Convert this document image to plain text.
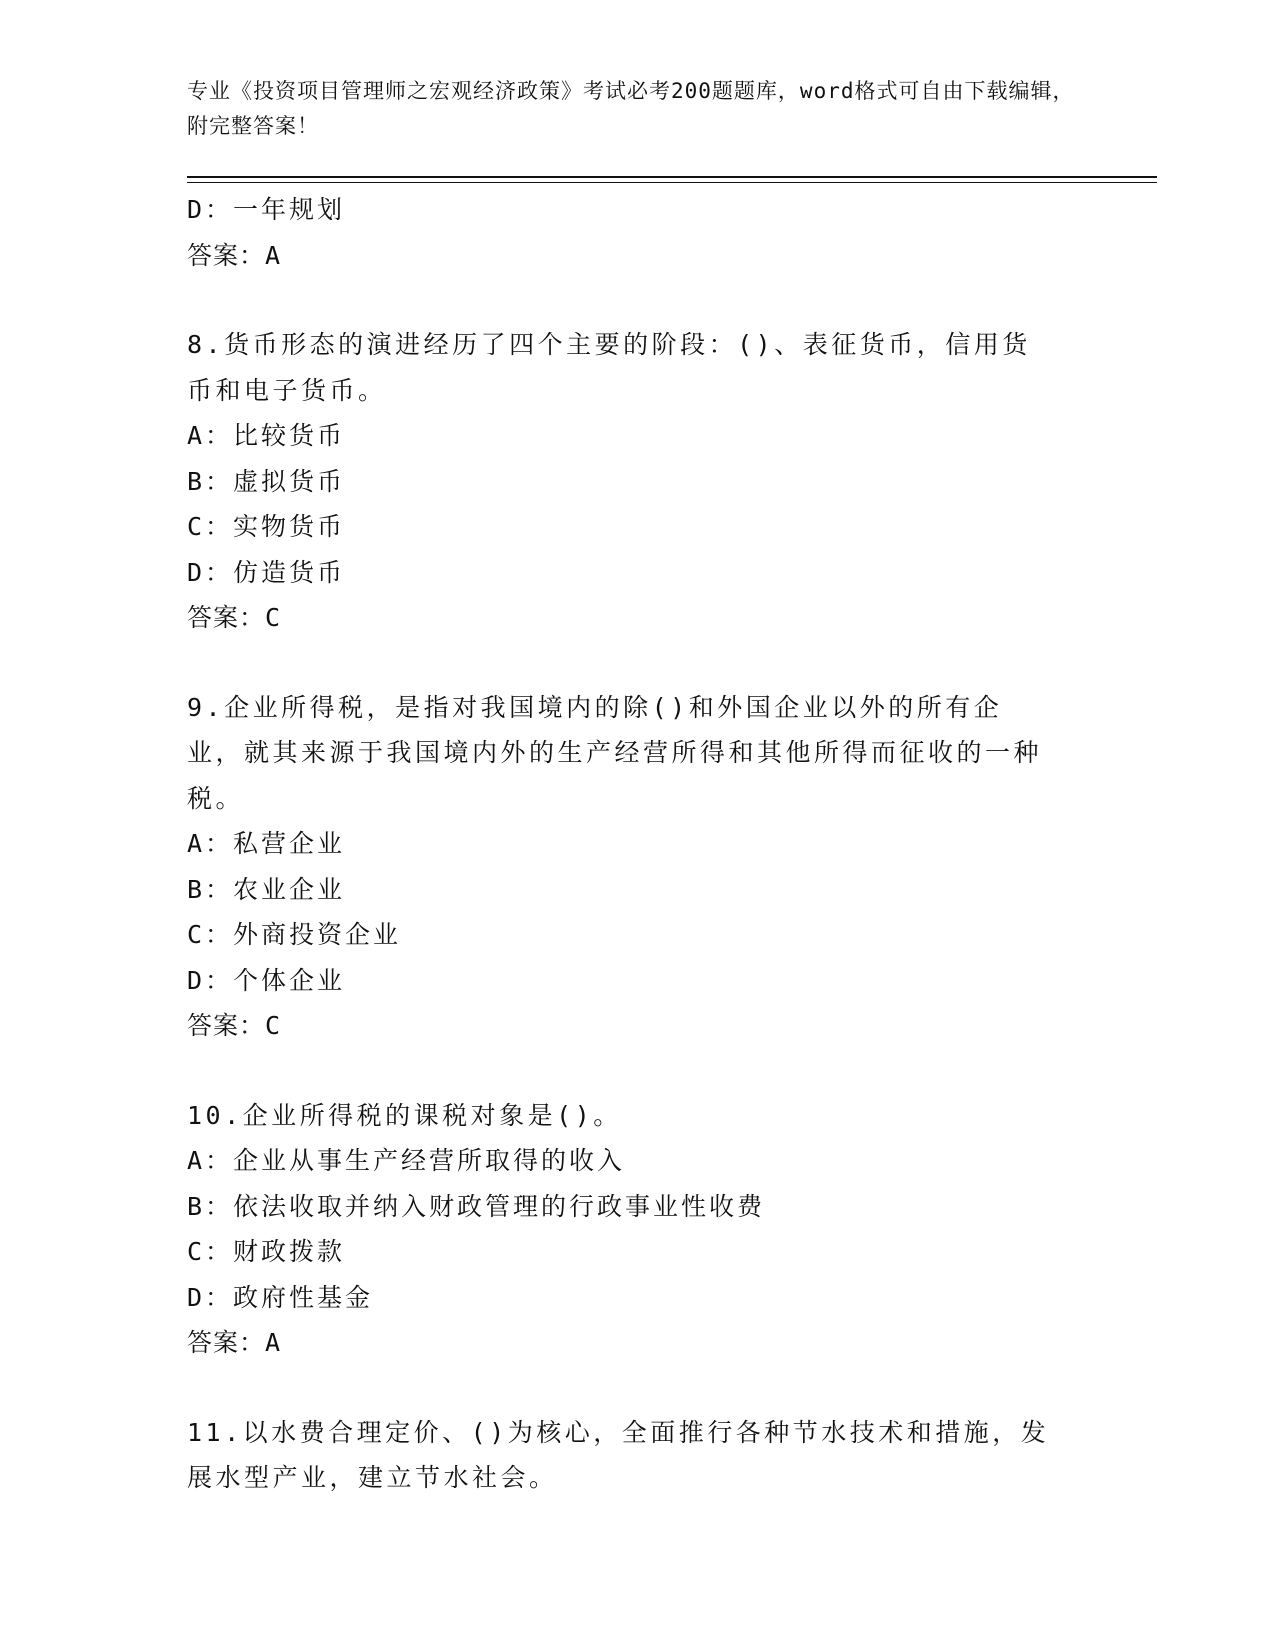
专业《投资项目管理师之宏观经济政策》考试必考200题题库，word格式可自由下载编辑，附完整答案！
D：一年规划
答案：A
8.货币形态的演进经历了四个主要的阶段：()、表征货币，信用货币和电子货币。
A：比较货币
B：虚拟货币
C：实物货币
D：仿造货币
答案：C
9.企业所得税，是指对我国境内的除()和外国企业以外的所有企业，就其来源于我国境内外的生产经营所得和其他所得而征收的一种税。
A：私营企业
B：农业企业
C：外商投资企业
D：个体企业
答案：C
10.企业所得税的课税对象是()。
A：企业从事生产经营所取得的收入
B：依法收取并纳入财政管理的行政事业性收费
C：财政拨款
D：政府性基金
答案：A
11.以水费合理定价、()为核心，全面推行各种节水技术和措施，发展水型产业，建立节水社会。
